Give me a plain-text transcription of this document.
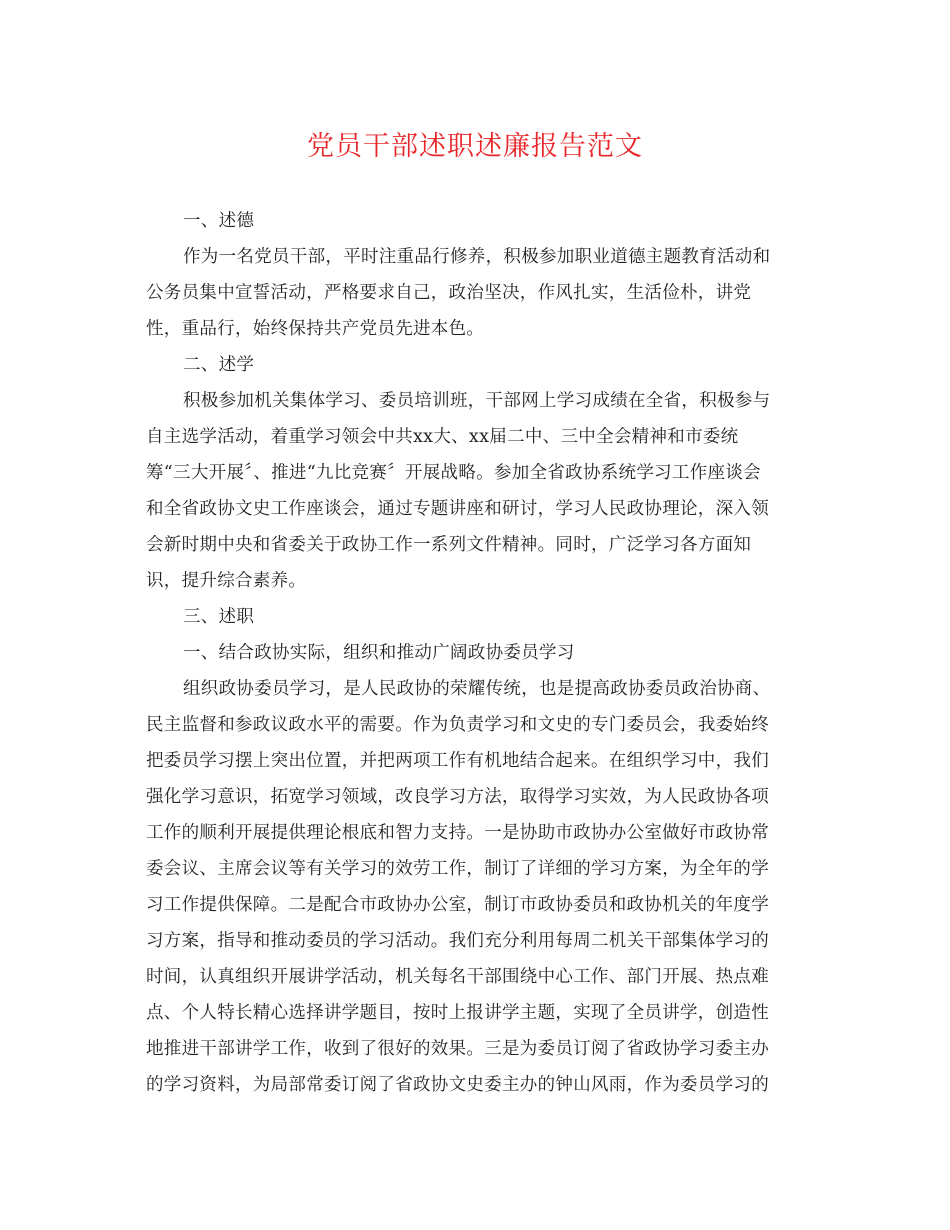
党员干部述职述廉报告范文
一、述德
作为一名党员干部，平时注重品行修养，积极参加职业道德主题教育活动和
公务员集中宣誓活动，严格要求自己，政治坚决，作风扎实，生活俭朴，讲党
性，重品行，始终保持共产党员先进本色。
二、述学
积极参加机关集体学习、委员培训班，干部网上学习成绩在全省，积极参与
自主选学活动，着重学习领会中共xx大、xx届二中、三中全会精神和市委统
筹“三大开展〞、推进“九比竞赛〞开展战略。参加全省政协系统学习工作座谈会
和全省政协文史工作座谈会，通过专题讲座和研讨，学习人民政协理论，深入领
会新时期中央和省委关于政协工作一系列文件精神。同时，广泛学习各方面知
识，提升综合素养。
三、述职
一、结合政协实际，组织和推动广阔政协委员学习
组织政协委员学习，是人民政协的荣耀传统，也是提高政协委员政治协商、
民主监督和参政议政水平的需要。作为负责学习和文史的专门委员会，我委始终
把委员学习摆上突出位置，并把两项工作有机地结合起来。在组织学习中，我们
强化学习意识，拓宽学习领域，改良学习方法，取得学习实效，为人民政协各项
工作的顺利开展提供理论根底和智力支持。一是协助市政协办公室做好市政协常
委会议、主席会议等有关学习的效劳工作，制订了详细的学习方案，为全年的学
习工作提供保障。二是配合市政协办公室，制订市政协委员和政协机关的年度学
习方案，指导和推动委员的学习活动。我们充分利用每周二机关干部集体学习的
时间，认真组织开展讲学活动，机关每名干部围绕中心工作、部门开展、热点难
点、个人特长精心选择讲学题目，按时上报讲学主题，实现了全员讲学，创造性
地推进干部讲学工作，收到了很好的效果。三是为委员订阅了省政协学习委主办
的学习资料，为局部常委订阅了省政协文史委主办的钟山风雨，作为委员学习的
